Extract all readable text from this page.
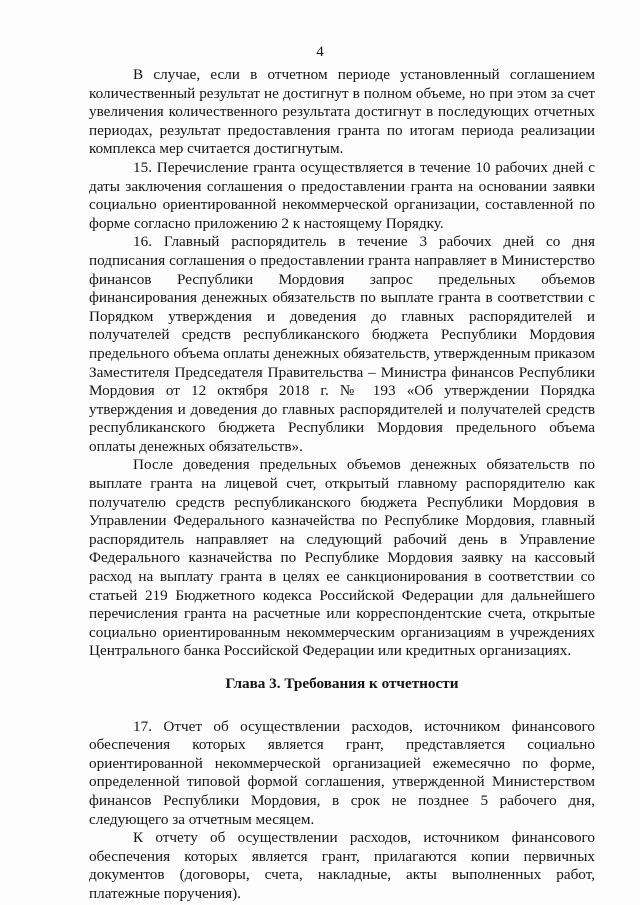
4

В случае, если в отчетном периоде установленный соглашением количественный результат не достигнут в полном объеме, но при этом за счет увеличения количественного результата достигнут в последующих отчетных периодах, результат предоставления гранта по итогам периода реализации комплекса мер считается достигнутым.

15. Перечисление гранта осуществляется в течение 10 рабочих дней с даты заключения соглашения о предоставлении гранта на основании заявки социально ориентированной некоммерческой организации, составленной по форме согласно приложению 2 к настоящему Порядку.

16. Главный распорядитель в течение 3 рабочих дней со дня подписания соглашения о предоставлении гранта направляет в Министерство финансов Республики Мордовия запрос предельных объемов финансирования денежных обязательств по выплате гранта в соответствии с Порядком утверждения и доведения до главных распорядителей и получателей средств республиканского бюджета Республики Мордовия предельного объема оплаты денежных обязательств, утвержденным приказом Заместителя Председателя Правительства – Министра финансов Республики Мордовия от 12 октября 2018 г. № 193 «Об утверждении Порядка утверждения и доведения до главных распорядителей и получателей средств республиканского бюджета Республики Мордовия предельного объема оплаты денежных обязательств».

После доведения предельных объемов денежных обязательств по выплате гранта на лицевой счет, открытый главному распорядителю как получателю средств республиканского бюджета Республики Мордовия в Управлении Федерального казначейства по Республике Мордовия, главный распорядитель направляет на следующий рабочий день в Управление Федерального казначейства по Республике Мордовия заявку на кассовый расход на выплату гранта в целях ее санкционирования в соответствии со статьей 219 Бюджетного кодекса Российской Федерации для дальнейшего перечисления гранта на расчетные или корреспондентские счета, открытые социально ориентированным некоммерческим организациям в учреждениях Центрального банка Российской Федерации или кредитных организациях.

Глава 3. Требования к отчетности

17. Отчет об осуществлении расходов, источником финансового обеспечения которых является грант, представляется социально ориентированной некоммерческой организацией ежемесячно по форме, определенной типовой формой соглашения, утвержденной Министерством финансов Республики Мордовия, в срок не позднее 5 рабочего дня, следующего за отчетным месяцем.

К отчету об осуществлении расходов, источником финансового обеспечения которых является грант, прилагаются копии первичных документов (договоры, счета, накладные, акты выполненных работ, платежные поручения).
